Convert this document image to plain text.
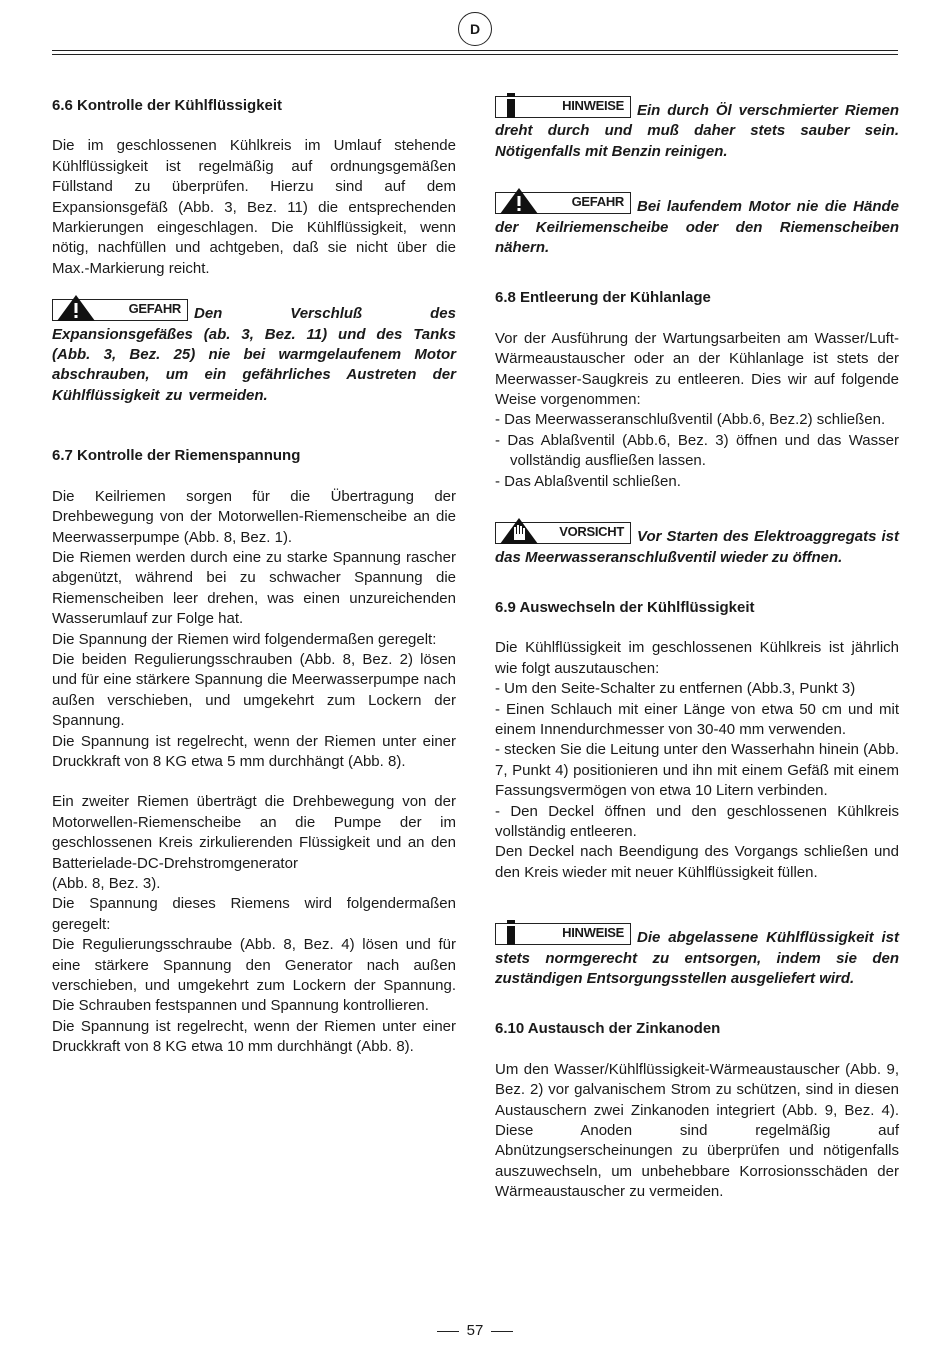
D
6.6 Kontrolle der Kühlflüssigkeit

Die im geschlossenen Kühlkreis im Umlauf stehende Kühlflüssigkeit ist regelmäßig auf ordnungsgemäßen Füllstand zu überprüfen. Hierzu sind auf dem Expansionsgefäß (Abb. 3, Bez. 11) die entsprechenden Markierungen eingeschlagen. Die Kühlflüssigkeit, wenn nötig, nachfüllen und achtgeben, daß sie nicht über die Max.-Markierung reicht.

GEFAHR Den Verschluß des Expansionsgefäßes (ab. 3, Bez. 11) und des Tanks (Abb. 3, Bez. 25) nie bei warmgelaufenem Motor abschrauben, um ein gefährliches Austreten der Kühlflüssigkeit zu vermeiden.

6.7 Kontrolle der Riemenspannung

Die Keilriemen sorgen für die Übertragung der Drehbewegung von der Motorwellen-Riemenscheibe an die Meerwasserpumpe (Abb. 8, Bez. 1).

Die Riemen werden durch eine zu starke Spannung rascher abgenützt, während bei zu schwacher Spannung die Riemenscheiben leer drehen, was einen unzureichenden Wasserumlauf zur Folge hat.

Die Spannung der Riemen wird folgendermaßen geregelt:

Die beiden Regulierungsschrauben (Abb. 8, Bez. 2) lösen und für eine stärkere Spannung die Meerwasserpumpe nach außen verschieben, und umgekehrt zum Lockern der Spannung.

Die Spannung ist regelrecht, wenn der Riemen unter einer Druckkraft von 8 KG etwa 5 mm durchhängt (Abb. 8).

Ein zweiter Riemen überträgt die Drehbewegung von der Motorwellen-Riemenscheibe an die Pumpe der im geschlossenen Kreis zirkulierenden Flüssigkeit und an den Batterielade-DC-Drehstromgenerator

(Abb. 8, Bez. 3).

Die Spannung dieses Riemens wird folgendermaßen geregelt:

Die Regulierungsschraube (Abb. 8, Bez. 4) lösen und für eine stärkere Spannung den Generator nach außen verschieben, und umgekehrt zum Lockern der Spannung. Die Schrauben festspannen und Spannung kontrollieren.

Die Spannung ist regelrecht, wenn der Riemen unter einer Druckkraft von 8 KG etwa 10 mm durchhängt (Abb. 8).

HINWEISE Ein durch Öl verschmierter Riemen dreht durch und muß daher stets sauber sein. Nötigenfalls mit Benzin reinigen.

GEFAHR Bei laufendem Motor nie die Hände der Keilriemenscheibe oder den Riemenscheiben nähern.

6.8 Entleerung der Kühlanlage

Vor der Ausführung der Wartungsarbeiten am Wasser/Luft-Wärmeaustauscher oder an der Kühlanlage ist stets der Meerwasser-Saugkreis zu entleeren. Dies wir auf folgende Weise vorgenommen:

- Das Meerwasseranschlußventil (Abb.6, Bez.2) schließen.
- Das Ablaßventil (Abb.6, Bez. 3) öffnen und das Wasser vollständig ausfließen lassen.
- Das Ablaßventil schließen.

VORSICHT Vor Starten des Elektroaggregats ist das Meerwasseranschlußventil wieder zu öffnen.

6.9 Auswechseln der Kühlflüssigkeit

Die Kühlflüssigkeit im geschlossenen Kühlkreis ist jährlich wie folgt auszutauschen:

- Um den Seite-Schalter zu entfernen (Abb.3, Punkt 3)

- Einen Schlauch mit einer Länge von etwa 50 cm und mit einem Innendurchmesser von 30-40 mm verwenden.

- stecken Sie die Leitung unter den Wasserhahn hinein (Abb. 7, Punkt 4) positionieren und ihn mit einem Gefäß mit einem Fassungsvermögen von etwa 10 Litern verbinden.

- Den Deckel öffnen und den geschlossenen Kühlkreis vollständig entleeren.

Den Deckel nach Beendigung des Vorgangs schließen und den Kreis wieder mit neuer Kühlflüssigkeit füllen.

HINWEISE Die abgelassene Kühlflüssigkeit ist stets normgerecht zu entsorgen, indem sie den zuständigen Entsorgungsstellen ausgeliefert wird.

6.10 Austausch der Zinkanoden

Um den Wasser/Kühlflüssigkeit-Wärmeaustauscher (Abb. 9, Bez. 2) vor galvanischem Strom zu schützen, sind in diesen Austauschern zwei Zinkanoden integriert (Abb. 9, Bez. 4). Diese Anoden sind regelmäßig auf Abnützungserscheinungen zu überprüfen und nötigenfalls auszuwechseln, um unbehebbare Korrosionsschäden der Wärmeaustauscher zu vermeiden.

57
